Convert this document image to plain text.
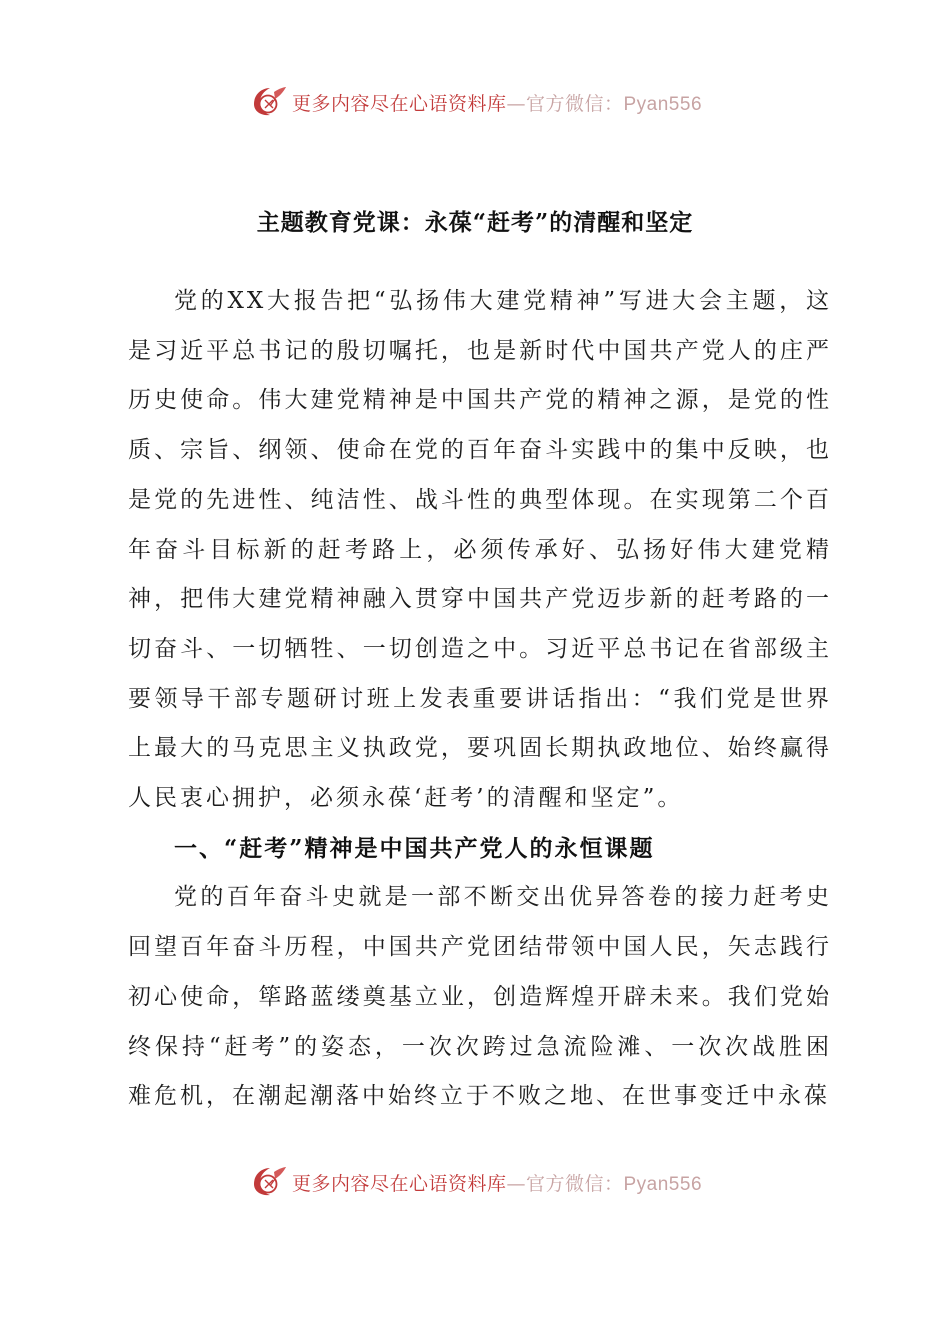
更多内容尽在心语资料库—官方微信：Pyan556
主题教育党课：永葆“赶考”的清醒和坚定

党的XX大报告把“弘扬伟大建党精神”写进大会主题，这是习近平总书记的殷切嘱托，也是新时代中国共产党人的庄严历史使命。伟大建党精神是中国共产党的精神之源，是党的性质、宗旨、纲领、使命在党的百年奋斗实践中的集中反映，也是党的先进性、纯洁性、战斗性的典型体现。在实现第二个百年奋斗目标新的赶考路上，必须传承好、弘扬好伟大建党精神，把伟大建党精神融入贯穿中国共产党迈步新的赶考路的一切奋斗、一切牺牲、一切创造之中。习近平总书记在省部级主要领导干部专题研讨班上发表重要讲话指出：“我们党是世界上最大的马克思主义执政党，要巩固长期执政地位、始终赢得人民衷心拥护，必须永葆‘赶考’的清醒和坚定”。

一、“赶考”精神是中国共产党人的永恒课题

党的百年奋斗史就是一部不断交出优异答卷的接力赶考史回望百年奋斗历程，中国共产党团结带领中国人民，矢志践行初心使命，筚路蓝缕奠基立业，创造辉煌开辟未来。我们党始终保持“赶考”的姿态，一次次跨过急流险滩、一次次战胜困难危机，在潮起潮落中始终立于不败之地、在世事变迁中永葆

更多内容尽在心语资料库—官方微信：Pyan556
